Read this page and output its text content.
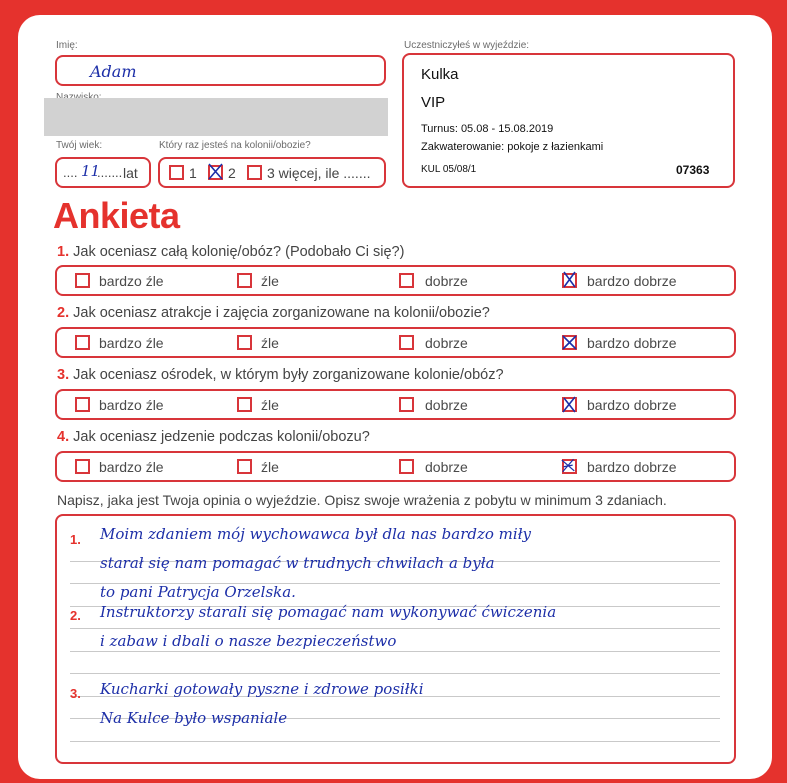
Imię:
Adam
Twój wiek:
.... 11
....... lat
Który raz jesteś na kolonii/obozie?
1 2 3 więcej, ile .......
Uczestniczyłeś w wyjeździe:
Kulka
VIP
Turnus: 05.08 - 15.08.2019
Zakwaterowanie: pokoje z łazienkami
KUL 05/08/1	07363
Ankieta
1. Jak oceniasz całą kolonię/obóz? (Podobało Ci się?)
bardzo źle	źle	dobrze	bardzo dobrze
2. Jak oceniasz atrakcje i zajęcia zorganizowane na kolonii/obozie?
bardzo źle	źle	dobrze	bardzo dobrze
3. Jak oceniasz ośrodek, w którym były zorganizowane kolonie/obóz?
bardzo źle	źle	dobrze	bardzo dobrze
4. Jak oceniasz jedzenie podczas kolonii/obozu?
bardzo źle	źle	dobrze	bardzo dobrze
Napisz, jaka jest Twoja opinia o wyjeździe. Opisz swoje wrażenia z pobytu w minimum 3 zdaniach.
1. Moim zdaniem mój wychowawca był dla nas bardzo miły
starał się nam pomagać w trudnych chwilach a była
to pani Patrycja Orzelska.
2. Instruktorzy starali się pomagać nam wykonywać ćwiczenia
i zabaw i dbali o nasze bezpieczeństwo
3. Kucharki gotowały pyszne i zdrowe posiłki
Na Kulce było wspaniale
